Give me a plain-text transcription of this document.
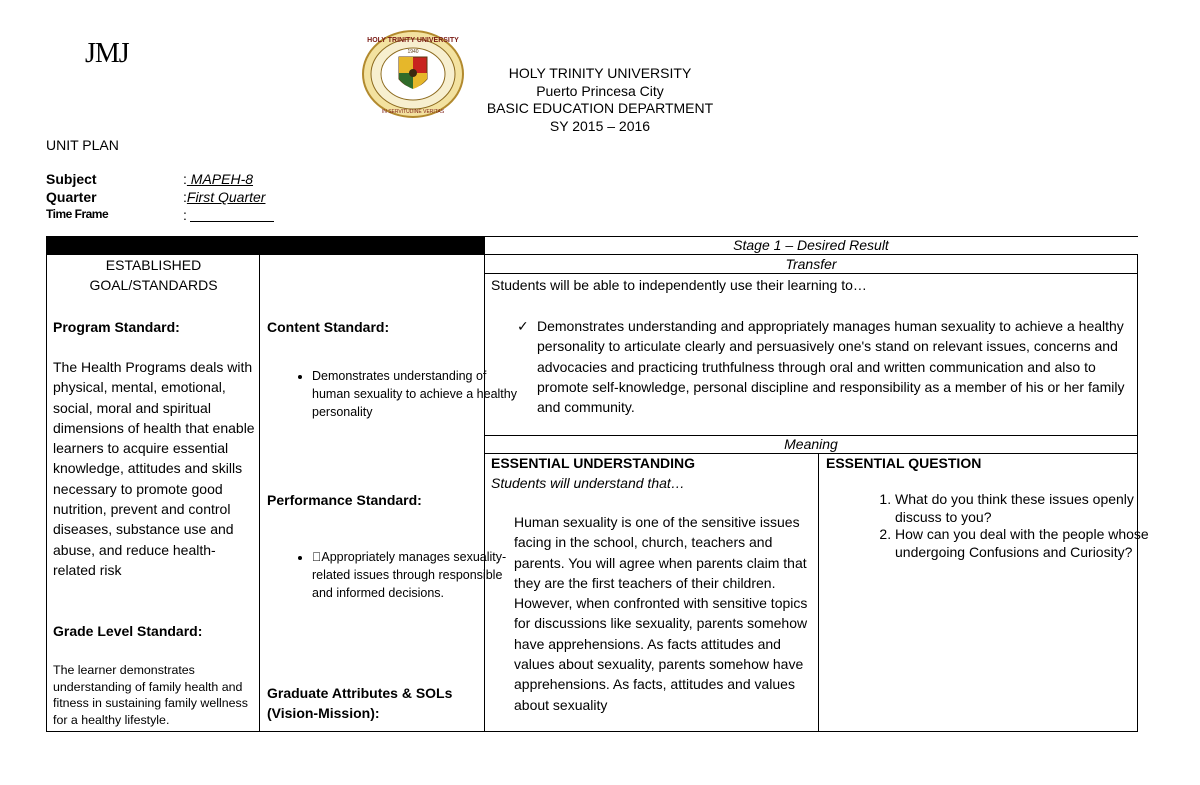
JMJ	HOLY TRINITY UNIVERSITY
IN SERVITUDINE VERITAS
1940
HOLY TRINITY UNIVERSITY
Puerto Princesa City
BASIC EDUCATION DEPARTMENT
SY 2015 – 2016
UNIT PLAN
Subject	: MAPEH-8
Quarter	:First Quarter
Time Frame	:
Stage 1 – Desired Result
ESTABLISHED
GOAL/STANDARDS
Program Standard:
The Health Programs deals with physical, mental, emotional, social, moral and spiritual dimensions of health that enable learners to acquire essential knowledge, attitudes and skills necessary to promote good nutrition, prevent and control diseases, substance use and abuse, and reduce health-related risk
Grade Level Standard:
The learner demonstrates understanding of family health and fitness in sustaining family wellness for a healthy lifestyle.
Content Standard:
• Demonstrates understanding of human sexuality to achieve a healthy personality
Performance Standard:
•  Appropriately manages sexuality-related issues through responsible and informed decisions.
Graduate Attributes & SOLs (Vision-Mission):
Transfer
Students will be able to independently use their learning to…
✓ Demonstrates understanding and appropriately manages human sexuality to achieve a healthy personality to articulate clearly and persuasively one's stand on relevant issues, concerns and advocacies and practicing truthfulness through oral and written communication and also to promote self-knowledge, personal discipline and responsibility as a member of his or her family and community.
Meaning
ESSENTIAL UNDERSTANDING
Students will understand that…
Human sexuality is one of the sensitive issues facing in the school, church, teachers and parents. You will agree when parents claim that they are the first teachers of their children. However, when confronted with sensitive topics for discussions like sexuality, parents somehow have apprehensions. As facts attitudes and values about sexuality, parents somehow have apprehensions. As facts, attitudes and values about sexuality
ESSENTIAL QUESTION
1. What do you think these issues openly discuss to you?
2. How can you deal with the people whose undergoing Confusions and Curiosity?
